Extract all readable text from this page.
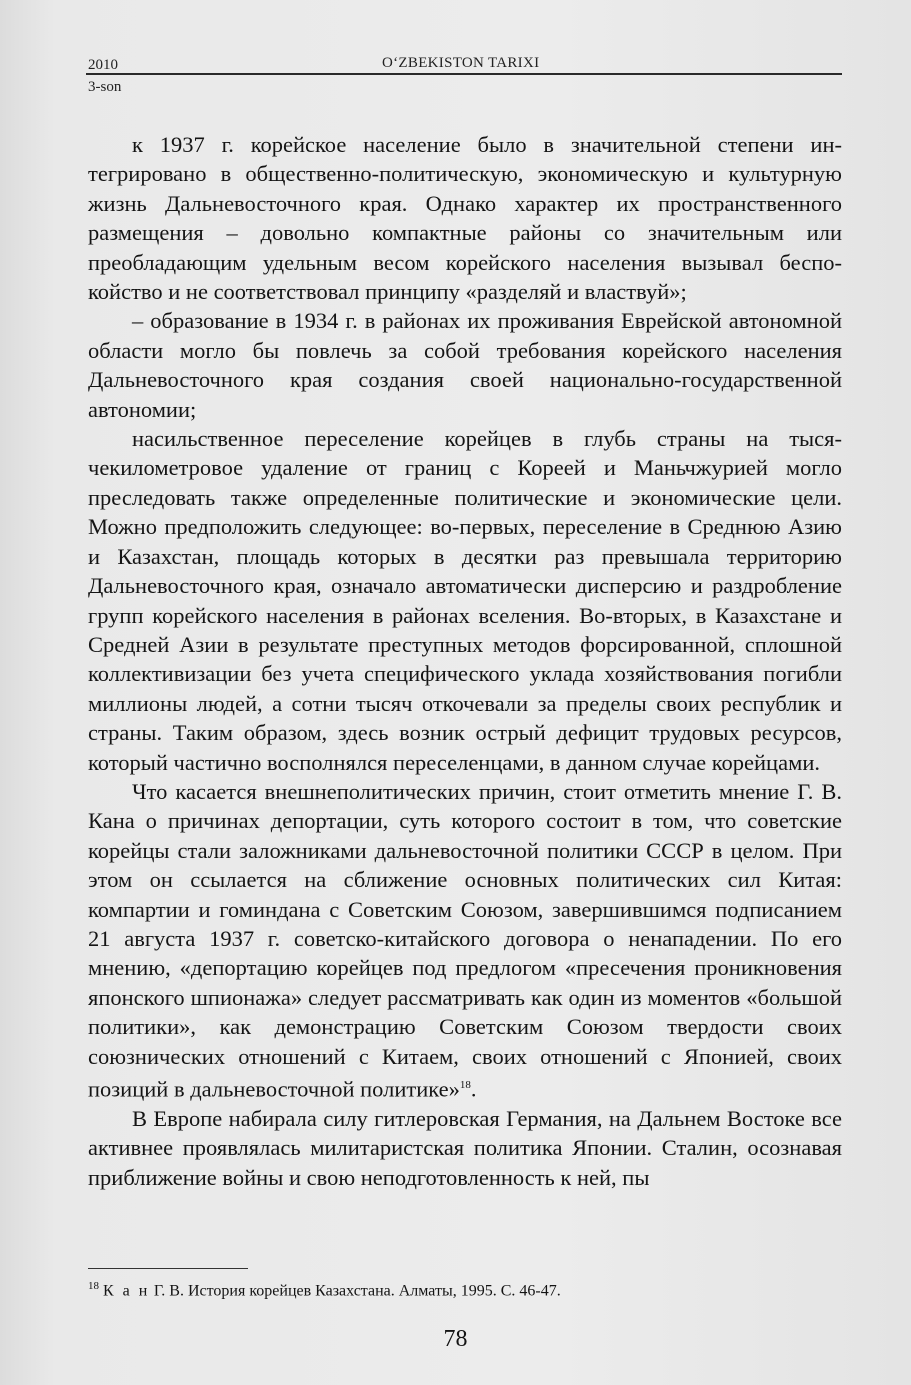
2010	O‘ZBEKISTON TARIXI
3-son

к 1937 г. корейское население было в значительной степени интегрировано в общественно-политическую, экономическую и культурную жизнь Дальневосточного края. Однако характер их пространственного размещения – довольно компактные районы со значительным или преобладающим удельным весом корейского населения вызывал беспокойство и не соответствовал принципу «разделяй и властвуй»;

– образование в 1934 г. в районах их проживания Еврейской автономной области могло бы повлечь за собой требования корейского населения Дальневосточного края создания своей национально-государственной автономии;

насильственное переселение корейцев в глубь страны на тысячекилометровое удаление от границ с Кореей и Маньчжурией могло преследовать также определенные политические и экономические цели. Можно предположить следующее: во-первых, переселение в Среднюю Азию и Казахстан, площадь которых в десятки раз превышала территорию Дальневосточного края, означало автоматически дисперсию и раздробление групп корейского населения в районах вселения. Во-вторых, в Казахстане и Средней Азии в результате преступных методов форсированной, сплошной коллективизации без учета специфического уклада хозяйствования погибли миллионы людей, а сотни тысяч откочевали за пределы своих республик и страны. Таким образом, здесь возник острый дефицит трудовых ресурсов, который частично восполнялся переселенцами, в данном случае корейцами.

Что касается внешнеполитических причин, стоит отметить мнение Г. В. Кана о причинах депортации, суть которого состоит в том, что советские корейцы стали заложниками дальневосточной политики СССР в целом. При этом он ссылается на сближение основных политических сил Китая: компартии и гоминдана с Советским Союзом, завершившимся подписанием 21 августа 1937 г. советско-китайского договора о ненападении. По его мнению, «депортацию корейцев под предлогом «пресечения проникновения японского шпионажа» следует рассматривать как один из моментов «большой политики», как демонстрацию Советским Союзом твердости своих союзнических отношений с Китаем, своих отношений с Японией, своих позиций в дальневосточной политике»$^{18}$.

В Европе набирала силу гитлеровская Германия, на Дальнем Востоке все активнее проявлялась милитаристская политика Японии. Сталин, осознавая приближение войны и свою неподготовленность к ней, пы

$^{18}$ К а н Г. В. История корейцев Казахстана. Алматы, 1995. С. 46-47.
78
